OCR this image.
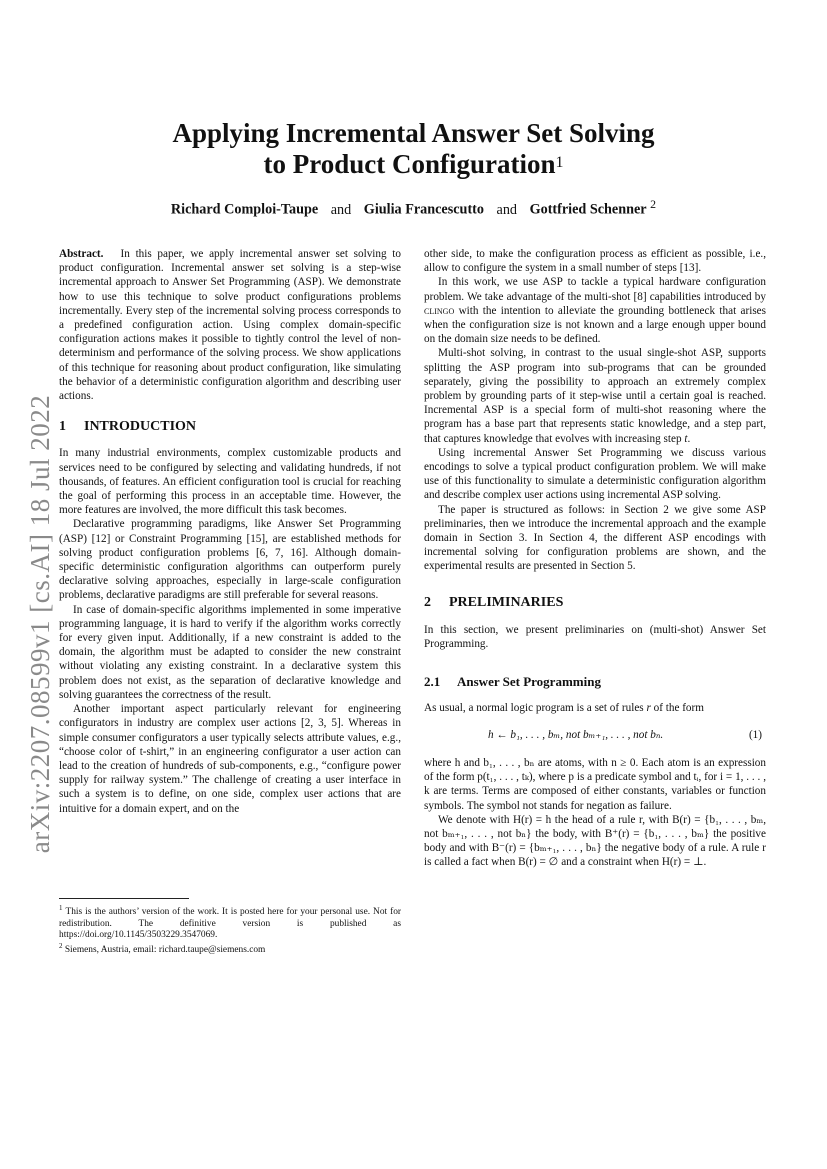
arXiv:2207.08599v1 [cs.AI] 18 Jul 2022
Applying Incremental Answer Set Solving
to Product Configuration$^1$
Richard Comploi-Taupe and Giulia Francescutto and Gottfried Schenner $^2$

Abstract. In this paper, we apply incremental answer set solving to product configuration. Incremental answer set solving is a step-wise incremental approach to Answer Set Programming (ASP). We demonstrate how to use this technique to solve product configurations problems incrementally. Every step of the incremental solving process corresponds to a predefined configuration action. Using complex domain-specific configuration actions makes it possible to tightly control the level of non-determinism and performance of the solving process. We show applications of this technique for reasoning about product configuration, like simulating the behavior of a deterministic configuration algorithm and describing user actions.

1 INTRODUCTION

In many industrial environments, complex customizable products and services need to be configured by selecting and validating hundreds, if not thousands, of features. An efficient configuration tool is crucial for reaching the goal of performing this process in an acceptable time. However, the more features are involved, the more difficult this task becomes.

Declarative programming paradigms, like Answer Set Programming (ASP) [12] or Constraint Programming [15], are established methods for solving product configuration problems [6, 7, 16]. Although domain-specific deterministic configuration algorithms can outperform purely declarative solving approaches, especially in large-scale configuration problems, declarative paradigms are still preferable for several reasons.

In case of domain-specific algorithms implemented in some imperative programming language, it is hard to verify if the algorithm works correctly for every given input. Additionally, if a new constraint is added to the domain, the algorithm must be adapted to consider the new constraint without violating any existing constraint. In a declarative system this problem does not exist, as the separation of declarative knowledge and solving guarantees the correctness of the result.

Another important aspect particularly relevant for engineering configurators in industry are complex user actions [2, 3, 5]. Whereas in simple consumer configurators a user typically selects attribute values, e.g., “choose color of t-shirt,” in an engineering configurator a user action can lead to the creation of hundreds of sub-components, e.g., “configure power supply for railway system.” The challenge of creating a user interface in such a system is to define, on one side, complex user actions that are intuitive for a domain expert, and on the

$^1$ This is the authors’ version of the work. It is posted here for your personal use. Not for redistribution. The definitive version is published as https://doi.org/10.1145/3503229.3547069.

$^2$ Siemens, Austria, email: richard.taupe@siemens.com

other side, to make the configuration process as efficient as possible, i.e., allow to configure the system in a small number of steps [13].

In this work, we use ASP to tackle a typical hardware configuration problem. We take advantage of the multi-shot [8] capabilities introduced by clingo with the intention to alleviate the grounding bottleneck that arises when the configuration size is not known and a large enough upper bound on the domain size needs to be defined.

Multi-shot solving, in contrast to the usual single-shot ASP, supports splitting the ASP program into sub-programs that can be grounded separately, giving the possibility to approach an extremely complex problem by grounding parts of it step-wise until a certain goal is reached. Incremental ASP is a special form of multi-shot reasoning where the program has a base part that represents static knowledge, and a step part, that captures knowledge that evolves with increasing step t.

Using incremental Answer Set Programming we discuss various encodings to solve a typical product configuration problem. We will make use of this functionality to simulate a deterministic configuration algorithm and describe complex user actions using incremental ASP solving.

The paper is structured as follows: in Section 2 we give some ASP preliminaries, then we introduce the incremental approach and the example domain in Section 3. In Section 4, the different ASP encodings with incremental solving for configuration problems are shown, and the experimental results are presented in Section 5.

2 PRELIMINARIES

In this section, we present preliminaries on (multi-shot) Answer Set Programming.

2.1 Answer Set Programming

As usual, a normal logic program is a set of rules r of the form

h ← b₁, . . . , bₘ, not bₘ₊₁, . . . , not bₙ.	(1)

where h and b₁, . . . , bₙ are atoms, with n ≥ 0. Each atom is an expression of the form p(t₁, . . . , tₖ), where p is a predicate symbol and tᵢ, for i = 1, . . . , k are terms. Terms are composed of either constants, variables or function symbols. The symbol not stands for negation as failure.

We denote with H(r) = h the head of a rule r, with B(r) = {b₁, . . . , bₘ, not bₘ₊₁, . . . , not bₙ} the body, with B⁺(r) = {b₁, . . . , bₘ} the positive body and with B⁻(r) = {bₘ₊₁, . . . , bₙ} the negative body of a rule. A rule r is called a fact when B(r) = ∅ and a constraint when H(r) = ⊥.
